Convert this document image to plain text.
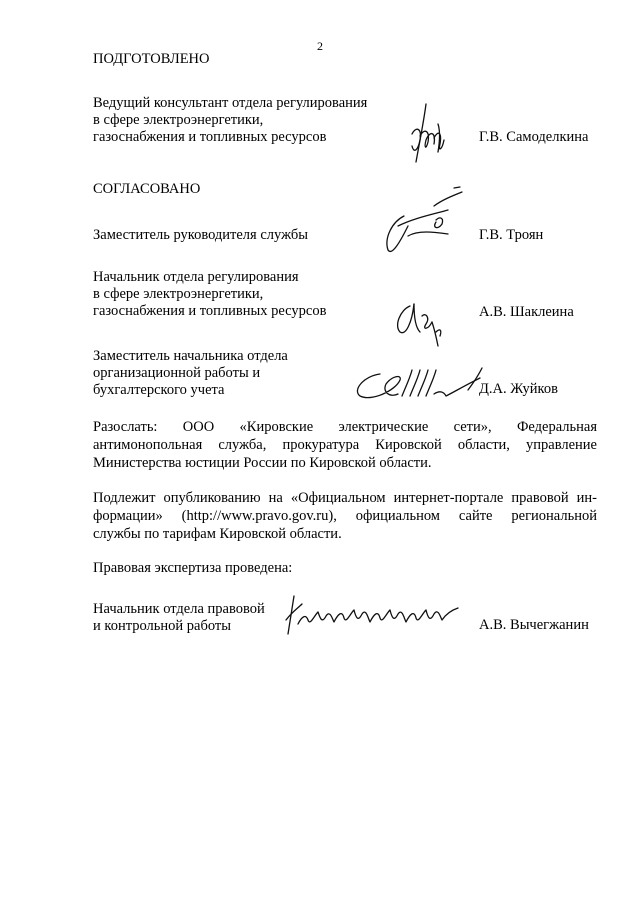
2
ПОДГОТОВЛЕНО
Ведущий консультант отдела регулирования
в сфере электроэнергетики,
газоснабжения и топливных ресурсов	Г.В. Самоделкина
СОГЛАСОВАНО
Заместитель руководителя службы	Г.В. Троян
Начальник отдела регулирования
в сфере электроэнергетики,
газоснабжения и топливных ресурсов	А.В. Шаклеина
Заместитель начальника отдела
организационной работы и
бухгалтерского учета	Д.А. Жуйков
Разослать: ООО «Кировские электрические сети», Федеральная
антимонопольная служба, прокуратура Кировской области, управление
Министерства юстиции России по Кировской области.
Подлежит опубликованию на «Официальном интернет-портале правовой ин-
формации» (http://www.pravo.gov.ru), официальном сайте региональной
службы по тарифам Кировской области.
Правовая экспертиза проведена:
Начальник отдела правовой
и контрольной работы	А.В. Вычегжанин
